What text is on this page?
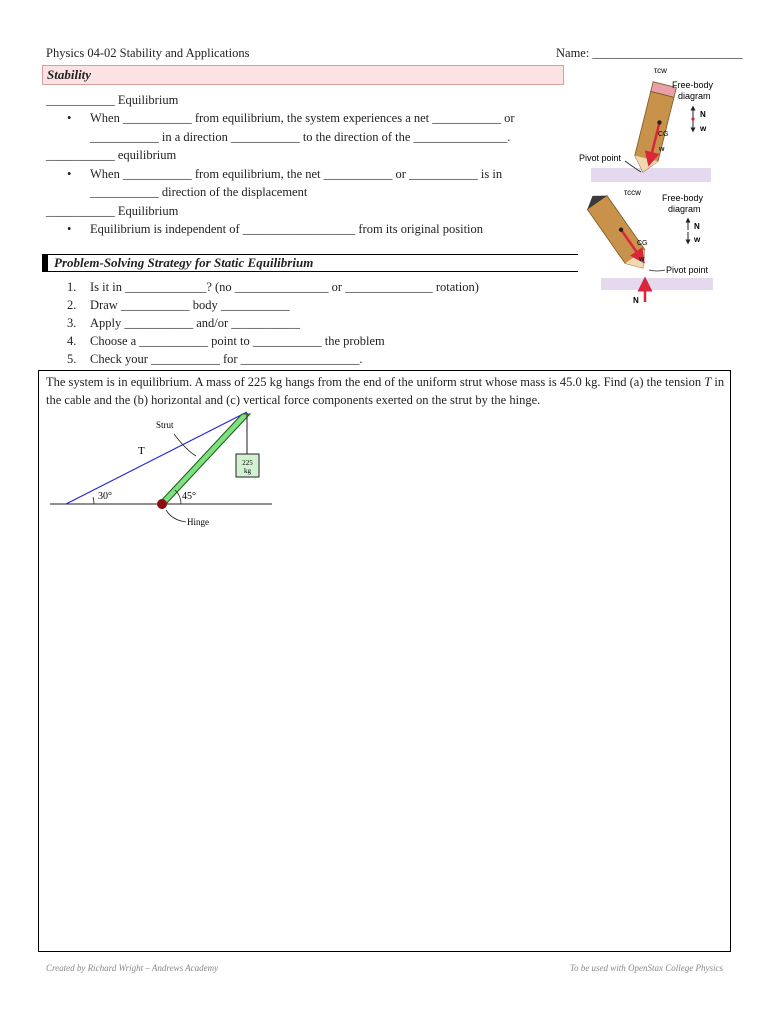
Physics 04-02 Stability and Applications	Name: ________________________
Stability
___________ Equilibrium
• When ___________ from equilibrium, the system experiences a net ___________ or
___________ in a direction ___________ to the direction of the _______________.
___________ equilibrium
• When ___________ from equilibrium, the net ___________ or ___________ is in
___________ direction of the displacement
___________ Equilibrium
• Equilibrium is independent of __________________ from its original position
Problem-Solving Strategy for Static Equilibrium
1. Is it in _____________? (no _______________ or ______________ rotation)
2. Draw ___________ body ___________
3. Apply ___________ and/or ___________
4. Choose a ___________ point to ___________ the problem
5. Check your ___________ for ___________________.
τcw
Free-body
diagram
N
w
CG
w
Pivot point
τccw
Free-body
diagram
N
w
CG
w
Pivot point
N
The system is in equilibrium. A mass of 225 kg hangs from the end of the uniform strut whose mass is 45.0 kg. Find (a) the tension T in the cable and the (b) horizontal and (c) vertical force components exerted on the strut by the hinge.
225
kg
30°	45°
T
Strut
Hinge
Created by Richard Wright – Andrews Academy	To be used with OpenStax College Physics
